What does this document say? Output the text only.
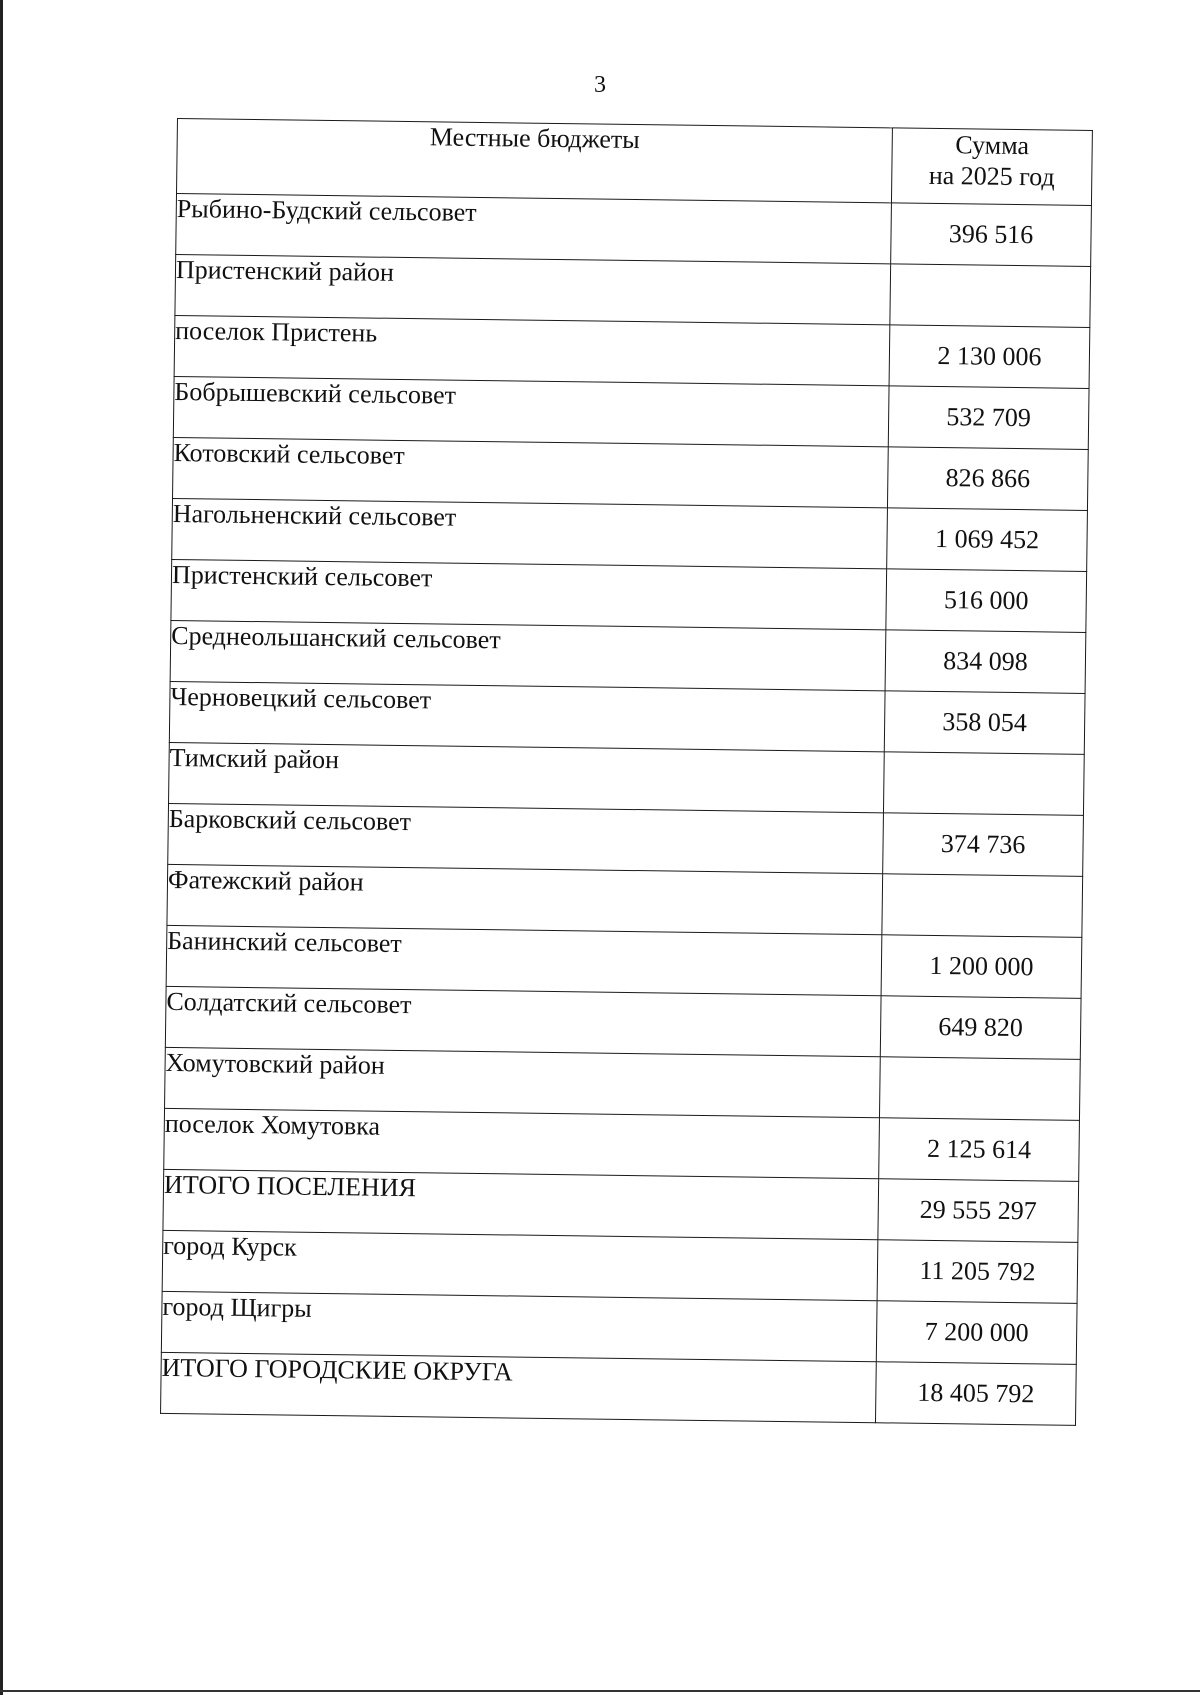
3
Местные бюджеты	Сумма
на 2025 год

Рыбино-Будский сельсовет	396 516
Пристенский район	
поселок Пристень	2 130 006
Бобрышевский сельсовет	532 709
Котовский сельсовет	826 866
Нагольненский сельсовет	1 069 452
Пристенский сельсовет	516 000
Среднеольшанский сельсовет	834 098
Черновецкий сельсовет	358 054
Тимский район	
Барковский сельсовет	374 736
Фатежский район	
Банинский сельсовет	1 200 000
Солдатский сельсовет	649 820
Хомутовский район	
поселок Хомутовка	2 125 614
ИТОГО ПОСЕЛЕНИЯ	29 555 297
город Курск	11 205 792
город Щигры	7 200 000
ИТОГО ГОРОДСКИЕ ОКРУГА	18 405 792
